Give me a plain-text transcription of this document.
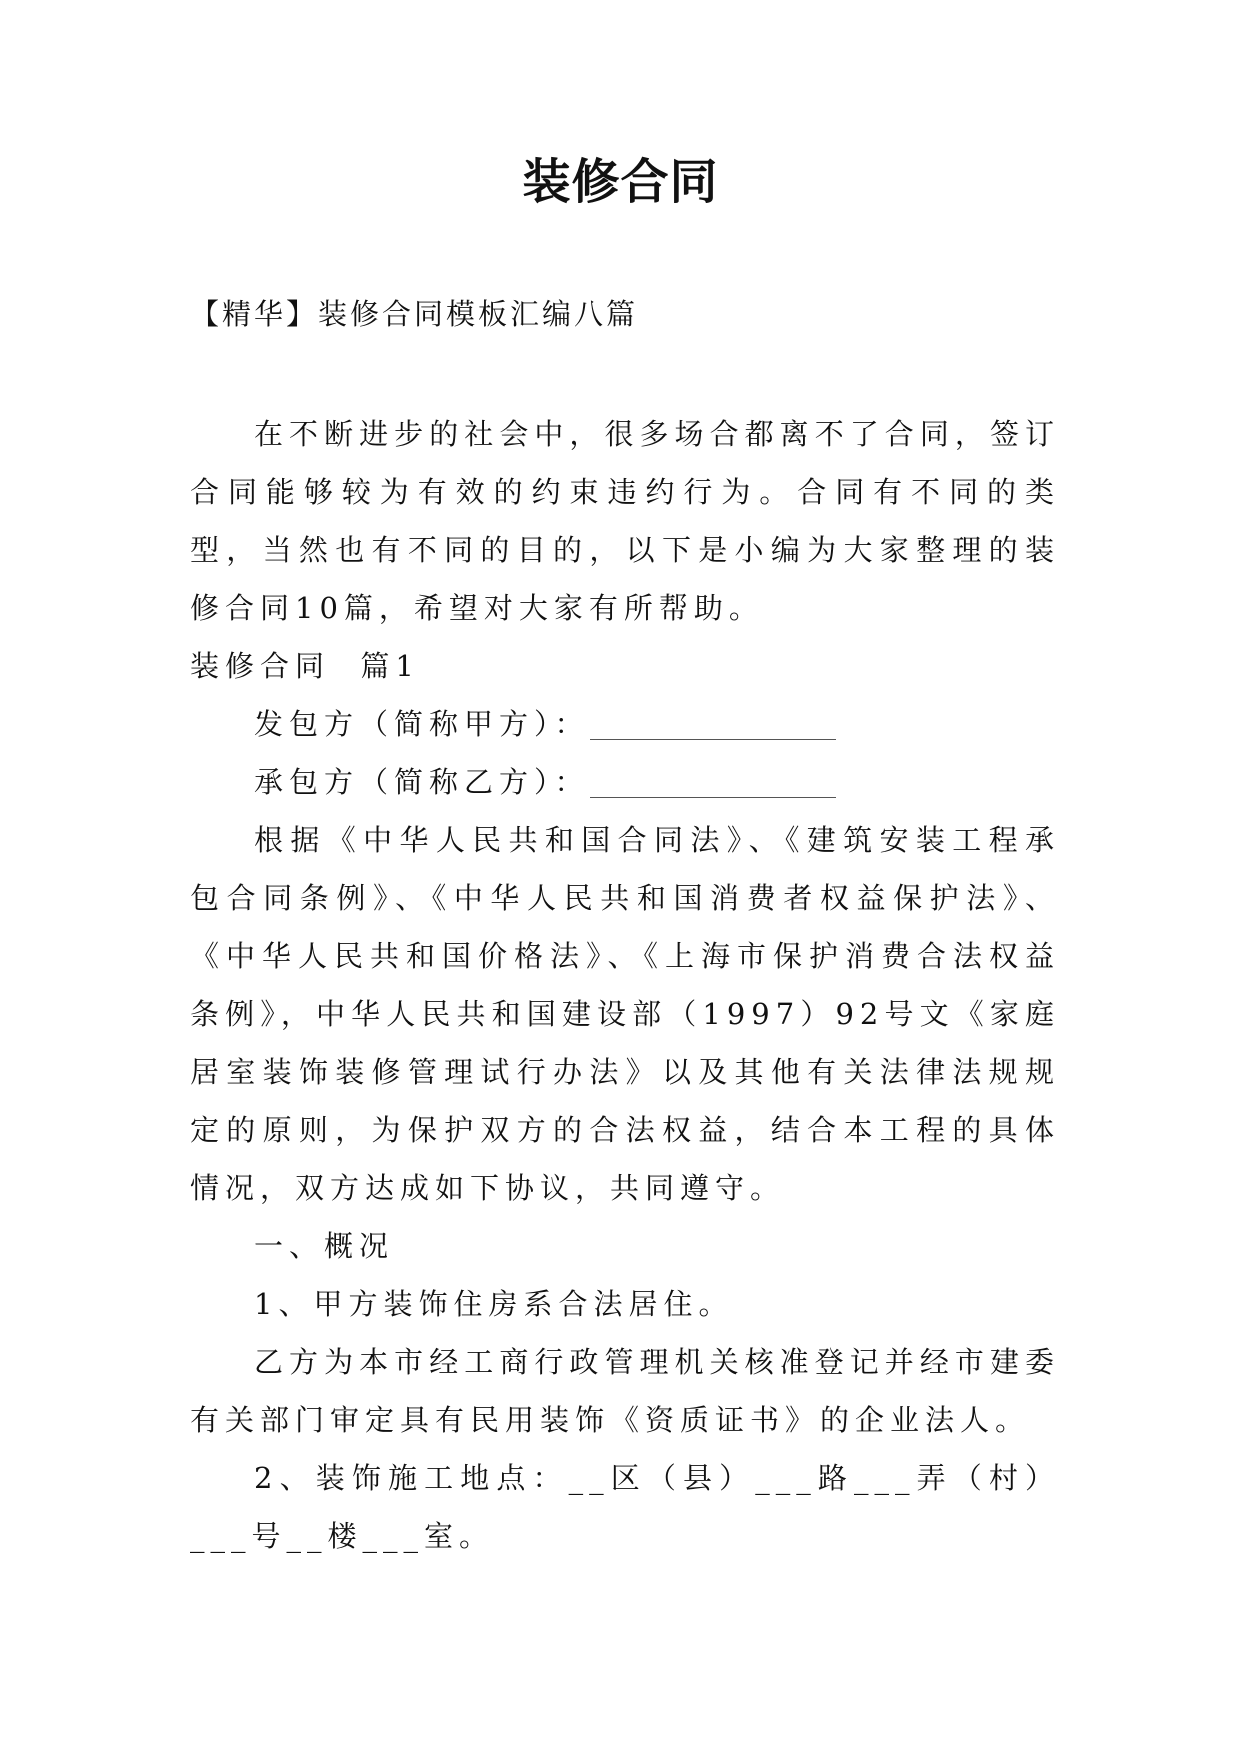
装修合同
【精华】装修合同模板汇编八篇

在不断进步的社会中，很多场合都离不了合同，签订合同能够较为有效的约束违约行为。合同有不同的类型，当然也有不同的目的，以下是小编为大家整理的装修合同10篇，希望对大家有所帮助。

装修合同  篇1

发包方（简称甲方）：

承包方（简称乙方）：

根据《中华人民共和国合同法》、《建筑安装工程承包合同条例》、《中华人民共和国消费者权益保护法》、《中华人民共和国价格法》、《上海市保护消费合法权益条例》，中华人民共和国建设部（1997）92号文《家庭居室装饰装修管理试行办法》以及其他有关法律法规规定的原则，为保护双方的合法权益，结合本工程的具体情况，双方达成如下协议，共同遵守。

一、概况

1、甲方装饰住房系合法居住。

乙方为本市经工商行政管理机关核准登记并经市建委有关部门审定具有民用装饰《资质证书》的企业法人。

2、装饰施工地点：__区（县）___路___弄（村）___号__楼___室。
